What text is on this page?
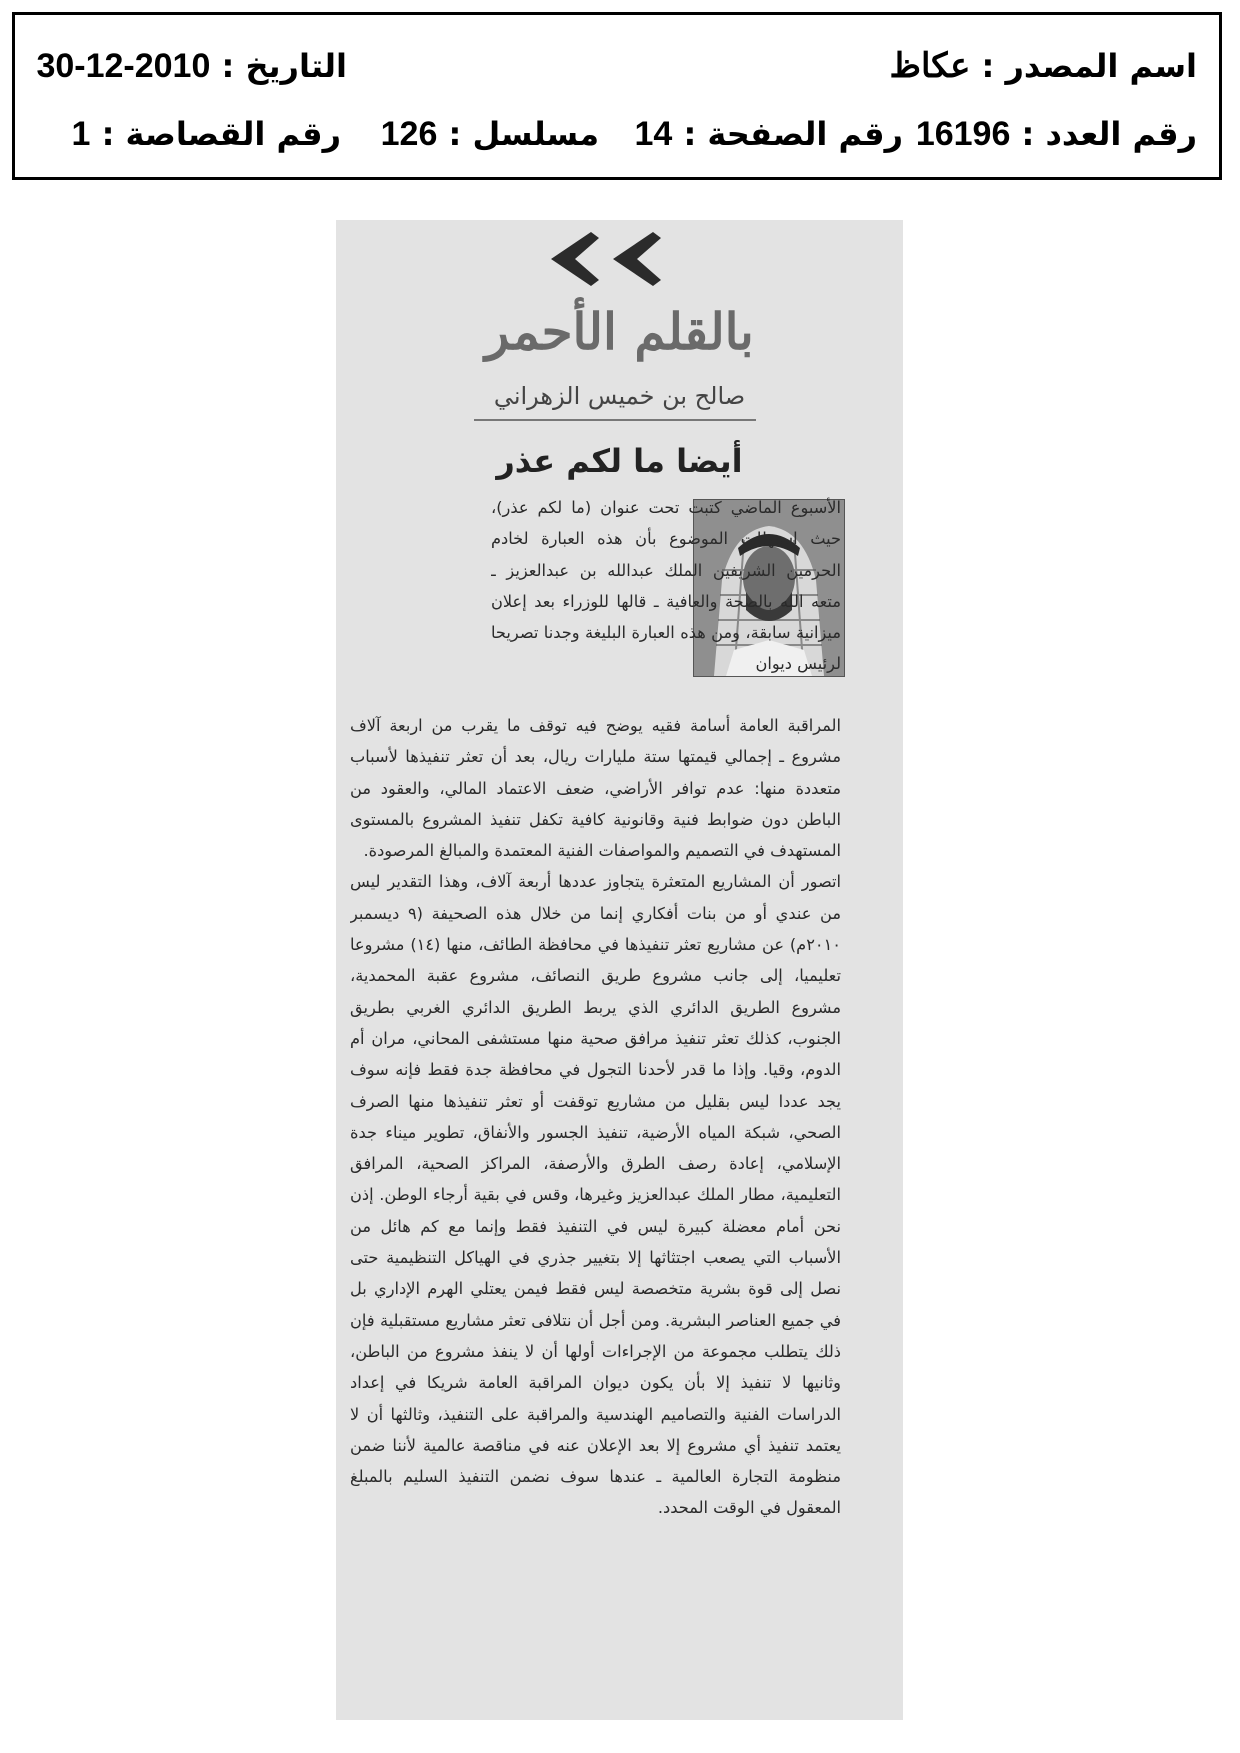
اسم المصدر : عكاظ
التاريخ : 30-12-2010
رقم العدد : 16196
رقم الصفحة : 14
مسلسل : 126
رقم القصاصة : 1
بالقلم الأحمر
صالح بن خميس الزهراني
أيضا ما لكم عذر

الأسبوع الماضي كتبت تحت عنوان (ما لكم عذر)، حيث استهللت الموضوع بأن هذه العبارة لخادم الحرمين الشريفين الملك عبدالله بن عبدالعزيز ـ متعه الله بالصحة والعافية ـ قالها للوزراء بعد إعلان ميزانية سابقة، ومن هذه العبارة البليغة وجدنا تصريحا لرئيس ديوان

المراقبة العامة أسامة فقيه يوضح فيه توقف ما يقرب من اربعة آلاف مشروع ـ إجمالي قيمتها ستة مليارات ريال، بعد أن تعثر تنفيذها لأسباب متعددة منها: عدم توافر الأراضي، ضعف الاعتماد المالي، والعقود من الباطن دون ضوابط فنية وقانونية كافية تكفل تنفيذ المشروع بالمستوى المستهدف في التصميم والمواصفات الفنية المعتمدة والمبالغ المرصودة.

اتصور أن المشاريع المتعثرة يتجاوز عددها أربعة آلاف، وهذا التقدير ليس من عندي أو من بنات أفكاري إنما من خلال هذه الصحيفة (٩ ديسمبر ٢٠١٠م) عن مشاريع تعثر تنفيذها في محافظة الطائف، منها (١٤) مشروعا تعليميا، إلى جانب مشروع طريق النصائف، مشروع عقبة المحمدية، مشروع الطريق الدائري الذي يربط الطريق الدائري الغربي بطريق الجنوب، كذلك تعثر تنفيذ مرافق صحية منها مستشفى المحاني، مران أم الدوم، وقيا. وإذا ما قدر لأحدنا التجول في محافظة جدة فقط فإنه سوف يجد عددا ليس بقليل من مشاريع توقفت أو تعثر تنفيذها منها الصرف الصحي، شبكة المياه الأرضية، تنفيذ الجسور والأنفاق، تطوير ميناء جدة الإسلامي، إعادة رصف الطرق والأرصفة، المراكز الصحية، المرافق التعليمية، مطار الملك عبدالعزيز وغيرها، وقس في بقية أرجاء الوطن. إذن نحن أمام معضلة كبيرة ليس في التنفيذ فقط وإنما مع كم هائل من الأسباب التي يصعب اجتثاثها إلا بتغيير جذري في الهياكل التنظيمية حتى نصل إلى قوة بشرية متخصصة ليس فقط فيمن يعتلي الهرم الإداري بل في جميع العناصر البشرية. ومن أجل أن نتلافى تعثر مشاريع مستقبلية فإن ذلك يتطلب مجموعة من الإجراءات أولها أن لا ينفذ مشروع من الباطن، وثانيها لا تنفيذ إلا بأن يكون ديوان المراقبة العامة شريكا في إعداد الدراسات الفنية والتصاميم الهندسية والمراقبة على التنفيذ، وثالثها أن لا يعتمد تنفيذ أي مشروع إلا بعد الإعلان عنه في مناقصة عالمية لأننا ضمن منظومة التجارة العالمية ـ عندها سوف نضمن التنفيذ السليم بالمبلغ المعقول في الوقت المحدد.
